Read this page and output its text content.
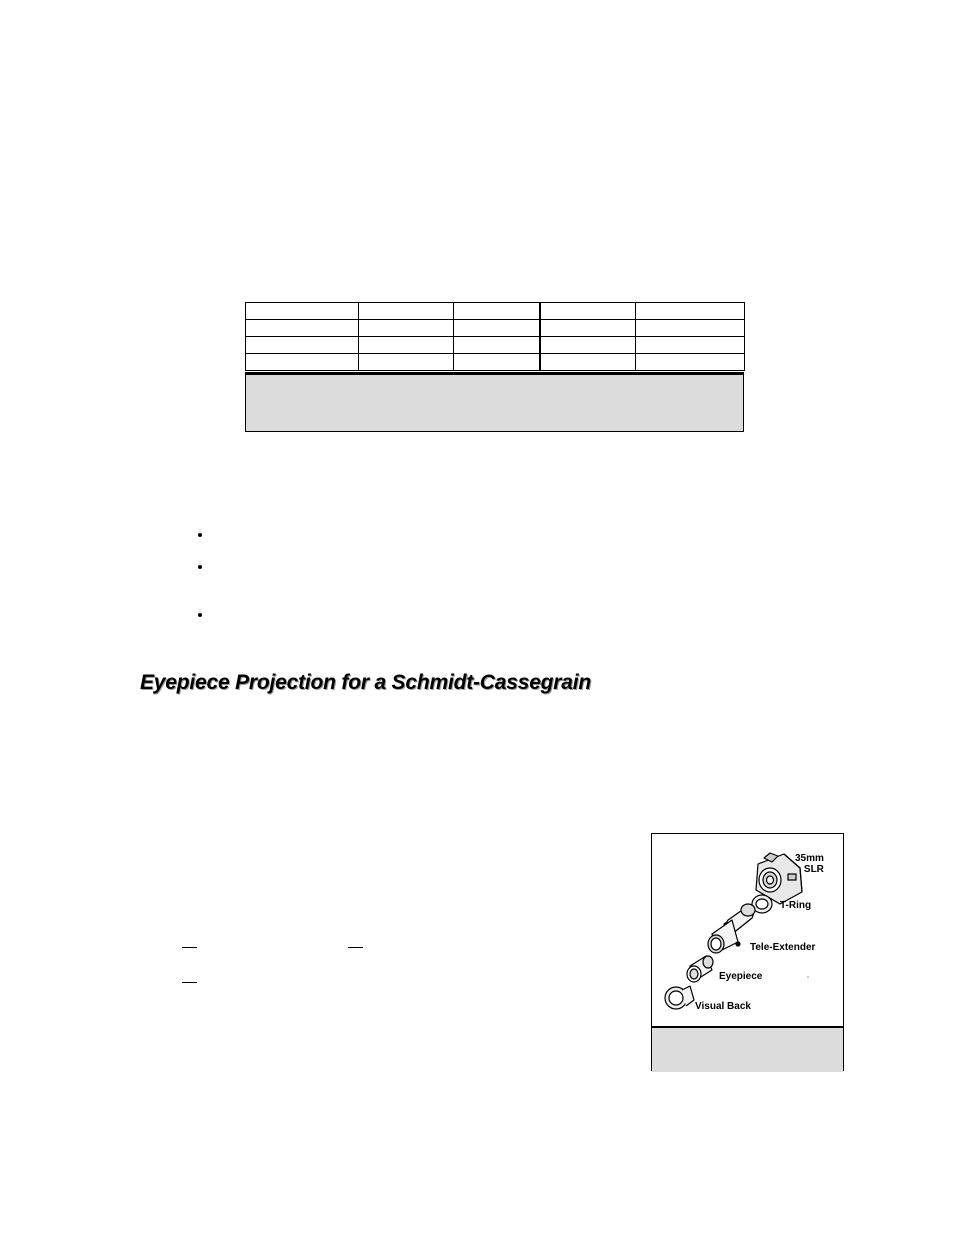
Eyepiece Projection for a Schmidt-Cassegrain
35mm
SLR
T-Ring
Tele-Extender
Eyepiece
Visual Back
